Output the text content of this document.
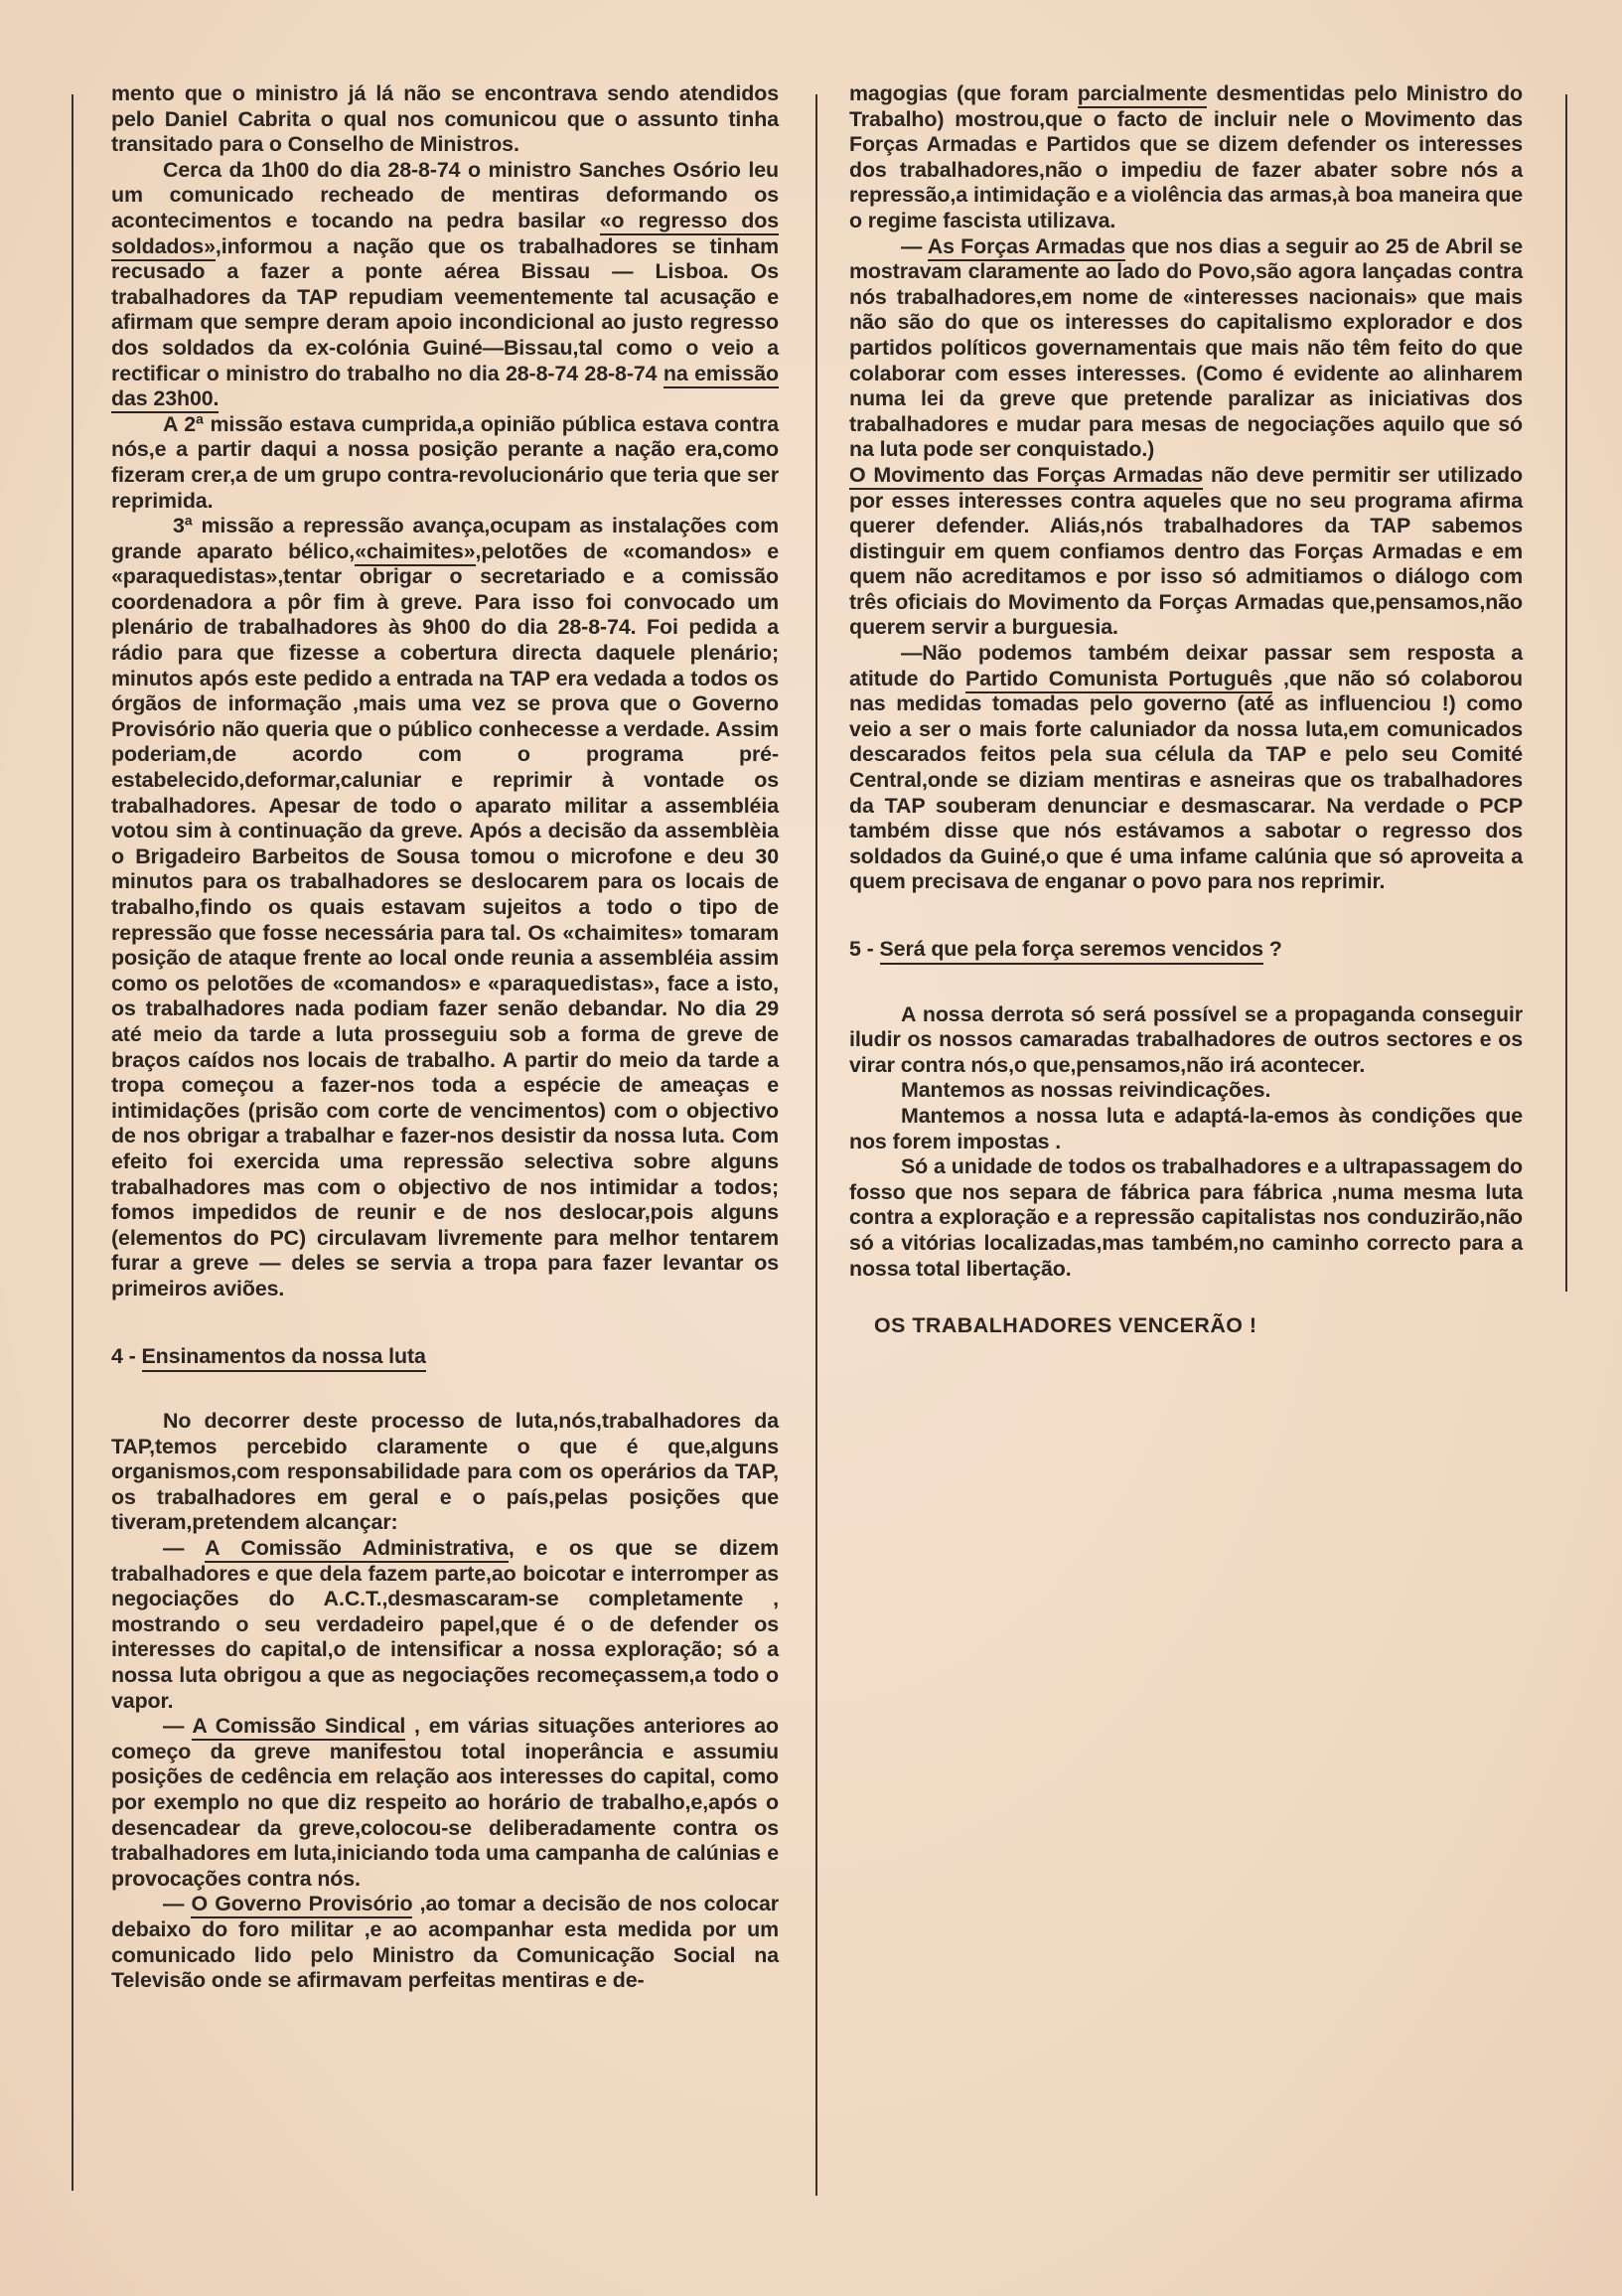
mento que o ministro já lá não se encontrava sendo atendidos pelo Daniel Cabrita o qual nos comunicou que o assunto tinha transitado para o Conselho de Ministros.

Cerca da 1h00 do dia 28-8-74 o ministro Sanches Osório leu um comunicado recheado de mentiras deformando os acontecimentos e tocando na pedra basilar «o regresso dos soldados»,informou a nação que os trabalhadores se tinham recusado a fazer a ponte aérea Bissau — Lisboa. Os trabalhadores da TAP repudiam veementemente tal acusação e afirmam que sempre deram apoio incondicional ao justo regresso dos soldados da ex-colónia Guiné—Bissau,tal como o veio a rectificar o ministro do trabalho no dia 28-8-74 28-8-74 na emissão das 23h00.

A 2ª missão estava cumprida,a opinião pública estava contra nós,e a partir daqui a nossa posição perante a nação era,como fizeram crer,a de um grupo contra-revolucionário que teria que ser reprimida.

3ª missão a repressão avança,ocupam as instalações com grande aparato bélico,«chaimites»,pelotões de «comandos» e «paraquedistas»,tentar obrigar o secretariado e a comissão coordenadora a pôr fim à greve. Para isso foi convocado um plenário de trabalhadores às 9h00 do dia 28-8-74. Foi pedida a rádio para que fizesse a cobertura directa daquele plenário; minutos após este pedido a entrada na TAP era vedada a todos os órgãos de informação ,mais uma vez se prova que o Governo Provisório não queria que o público conhecesse a verdade. Assim poderiam,de acordo com o programa pré-estabelecido,deformar,caluniar e reprimir à vontade os trabalhadores. Apesar de todo o aparato militar a assembléia votou sim à continuação da greve. Após a decisão da assemblèia o Brigadeiro Barbeitos de Sousa tomou o microfone e deu 30 minutos para os trabalhadores se deslocarem para os locais de trabalho,findo os quais estavam sujeitos a todo o tipo de repressão que fosse necessária para tal. Os «chaimites» tomaram posição de ataque frente ao local onde reunia a assembléia assim como os pelotões de «comandos» e «paraquedistas», face a isto, os trabalhadores nada podiam fazer senão debandar. No dia 29 até meio da tarde a luta prosseguiu sob a forma de greve de braços caídos nos locais de trabalho. A partir do meio da tarde a tropa começou a fazer-nos toda a espécie de ameaças e intimidações (prisão com corte de vencimentos) com o objectivo de nos obrigar a trabalhar e fazer-nos desistir da nossa luta. Com efeito foi exercida uma repressão selectiva sobre alguns trabalhadores mas com o objectivo de nos intimidar a todos; fomos impedidos de reunir e de nos deslocar,pois alguns (elementos do PC) circulavam livremente para melhor tentarem furar a greve — deles se servia a tropa para fazer levantar os primeiros aviões.

4 - Ensinamentos da nossa luta

No decorrer deste processo de luta,nós,trabalhadores da TAP,temos percebido claramente o que é que,alguns organismos,com responsabilidade para com os operários da TAP, os trabalhadores em geral e o país,pelas posições que tiveram,pretendem alcançar:

— A Comissão Administrativa, e os que se dizem trabalhadores e que dela fazem parte,ao boicotar e interromper as negociações do A.C.T.,desmascaram-se completamente , mostrando o seu verdadeiro papel,que é o de defender os interesses do capital,o de intensificar a nossa exploração; só a nossa luta obrigou a que as negociações recomeçassem,a todo o vapor.

— A Comissão Sindical , em várias situações anteriores ao começo da greve manifestou total inoperância e assumiu posições de cedência em relação aos interesses do capital, como por exemplo no que diz respeito ao horário de trabalho,e,após o desencadear da greve,colocou-se deliberadamente contra os trabalhadores em luta,iniciando toda uma campanha de calúnias e provocações contra nós.

— O Governo Provisório ,ao tomar a decisão de nos colocar debaixo do foro militar ,e ao acompanhar esta medida por um comunicado lido pelo Ministro da Comunicação Social na Televisão onde se afirmavam perfeitas mentiras e de-

magogias (que foram parcialmente desmentidas pelo Ministro do Trabalho) mostrou,que o facto de incluir nele o Movimento das Forças Armadas e Partidos que se dizem defender os interesses dos trabalhadores,não o impediu de fazer abater sobre nós a repressão,a intimidação e a violência das armas,à boa maneira que o regime fascista utilizava.

— As Forças Armadas que nos dias a seguir ao 25 de Abril se mostravam claramente ao lado do Povo,são agora lançadas contra nós trabalhadores,em nome de «interesses nacionais» que mais não são do que os interesses do capitalismo explorador e dos partidos políticos governamentais que mais não têm feito do que colaborar com esses interesses. (Como é evidente ao alinharem numa lei da greve que pretende paralizar as iniciativas dos trabalhadores e mudar para mesas de negociações aquilo que só na luta pode ser conquistado.)

O Movimento das Forças Armadas não deve permitir ser utilizado por esses interesses contra aqueles que no seu programa afirma querer defender. Aliás,nós trabalhadores da TAP sabemos distinguir em quem confiamos dentro das Forças Armadas e em quem não acreditamos e por isso só admitiamos o diálogo com três oficiais do Movimento da Forças Armadas que,pensamos,não querem servir a burguesia.

—Não podemos também deixar passar sem resposta a atitude do Partido Comunista Português ,que não só colaborou nas medidas tomadas pelo governo (até as influenciou !) como veio a ser o mais forte caluniador da nossa luta,em comunicados descarados feitos pela sua célula da TAP e pelo seu Comité Central,onde se diziam mentiras e asneiras que os trabalhadores da TAP souberam denunciar e desmascarar. Na verdade o PCP também disse que nós estávamos a sabotar o regresso dos soldados da Guiné,o que é uma infame calúnia que só aproveita a quem precisava de enganar o povo para nos reprimir.

5 - Será que pela força seremos vencidos ?

A nossa derrota só será possível se a propaganda conseguir iludir os nossos camaradas trabalhadores de outros sectores e os virar contra nós,o que,pensamos,não irá acontecer.

Mantemos as nossas reivindicações.

Mantemos a nossa luta e adaptá-la-emos às condições que nos forem impostas .

Só a unidade de todos os trabalhadores e a ultrapassagem do fosso que nos separa de fábrica para fábrica ,numa mesma luta contra a exploração e a repressão capitalistas nos conduzirão,não só a vitórias localizadas,mas também,no caminho correcto para a nossa total libertação.

OS TRABALHADORES VENCERÃO !
